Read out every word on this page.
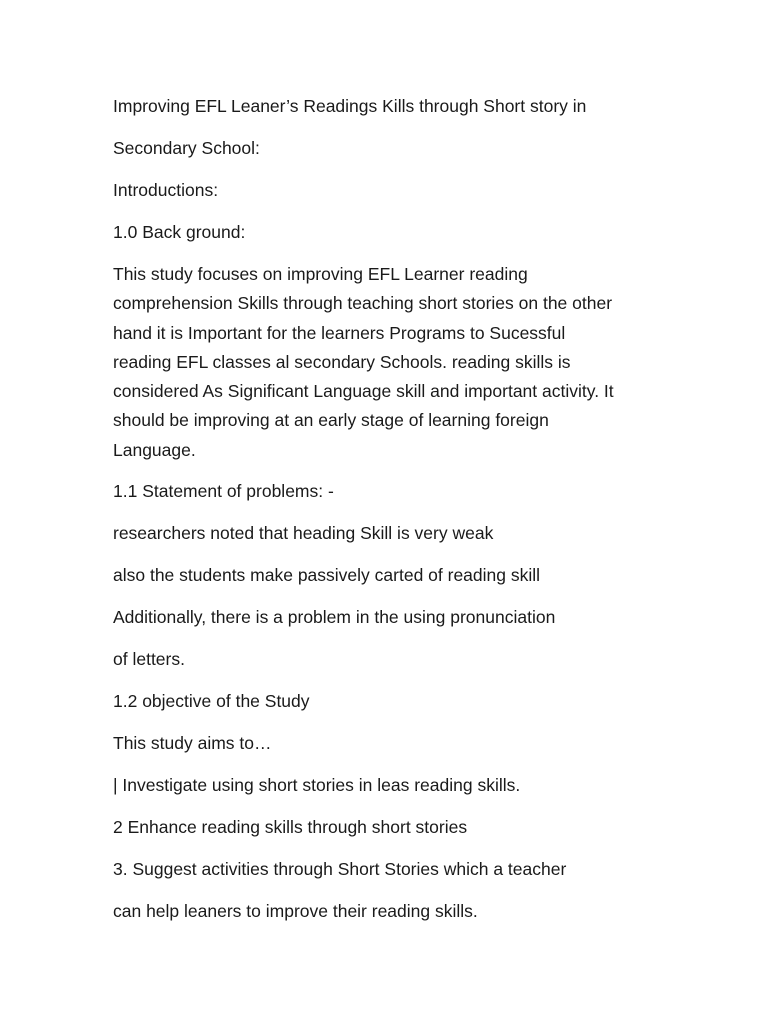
Improving EFL Leaner’s Readings Kills through Short story in
Secondary School:
Introductions:
1.0 Back ground:
This study focuses on improving EFL Learner reading
comprehension Skills through teaching short stories on the other
hand it is Important for the learners Programs to Sucessful
reading EFL classes al secondary Schools. reading skills is
considered As Significant Language skill and important activity. It
should be improving at an early stage of learning foreign
Language.
1.1 Statement of problems: -
researchers noted that heading Skill is very weak
also the students make passively carted of reading skill
Additionally, there is a problem in the using pronunciation
of letters.
1.2 objective of the Study
This study aims to…
| Investigate using short stories in leas reading skills.
2 Enhance reading skills through short stories
3. Suggest activities through Short Stories which a teacher
can help leaners to improve their reading skills.
